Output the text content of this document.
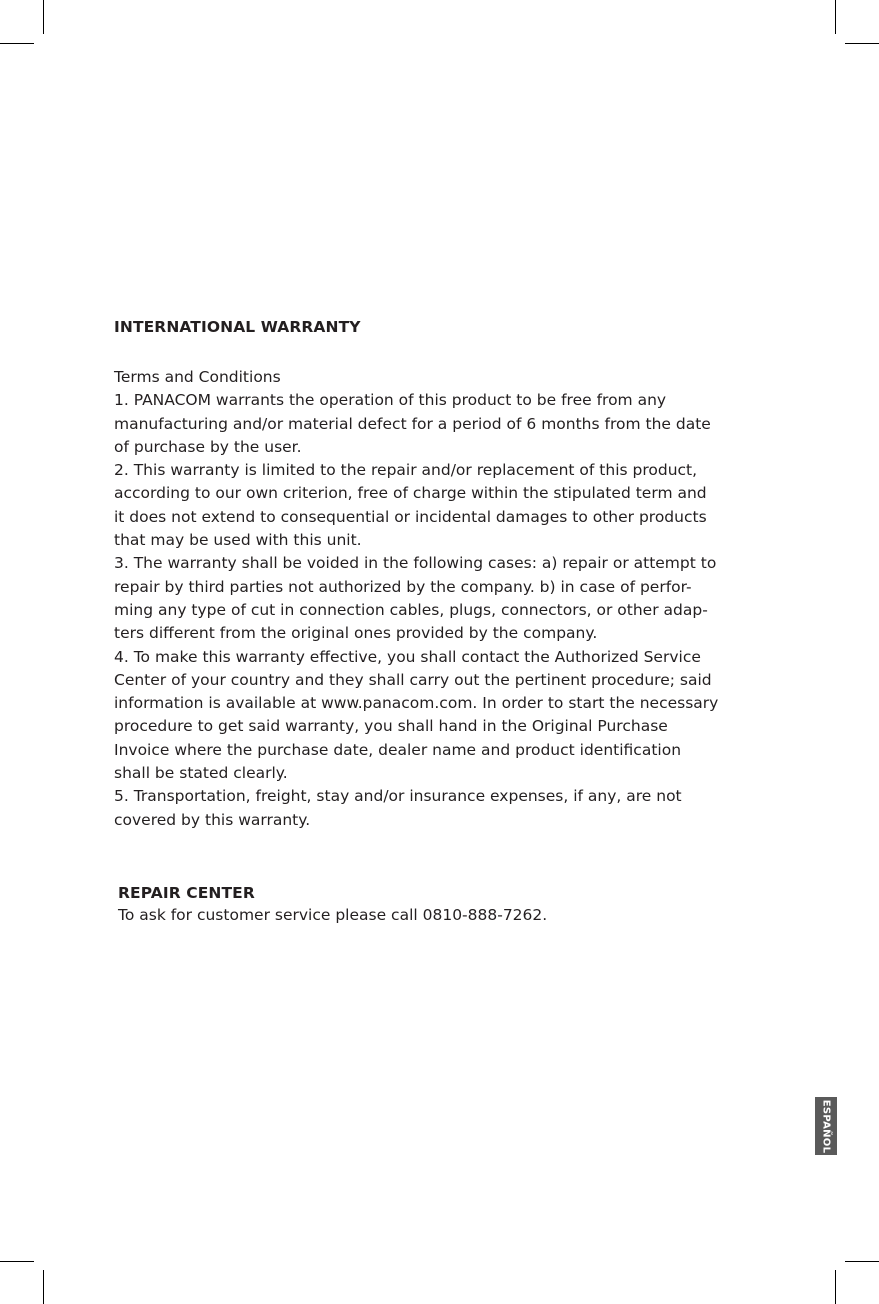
INTERNATIONAL WARRANTY

Terms and Conditions

1. PANACOM warrants the operation of this product to be free from any
manufacturing and/or material defect for a period of 6 months from the date
of purchase by the user.

2. This warranty is limited to the repair and/or replacement of this product,
according to our own criterion, free of charge within the stipulated term and
it does not extend to consequential or incidental damages to other products
that may be used with this unit.

3. The warranty shall be voided in the following cases: a) repair or attempt to
repair by third parties not authorized by the company. b) in case of perfor-
ming any type of cut in connection cables, plugs, connectors, or other adap-
ters different from the original ones provided by the company.

4. To make this warranty effective, you shall contact the Authorized Service
Center of your country and they shall carry out the pertinent procedure; said
information is available at www.panacom.com. In order to start the necessary
procedure to get said warranty, you shall hand in the Original Purchase
Invoice where the purchase date, dealer name and product identification
shall be stated clearly.

5. Transportation, freight, stay and/or insurance expenses, if any, are not
covered by this warranty.

REPAIR CENTER

To ask for customer service please call 0810-888-7262.

ESPAÑOL
